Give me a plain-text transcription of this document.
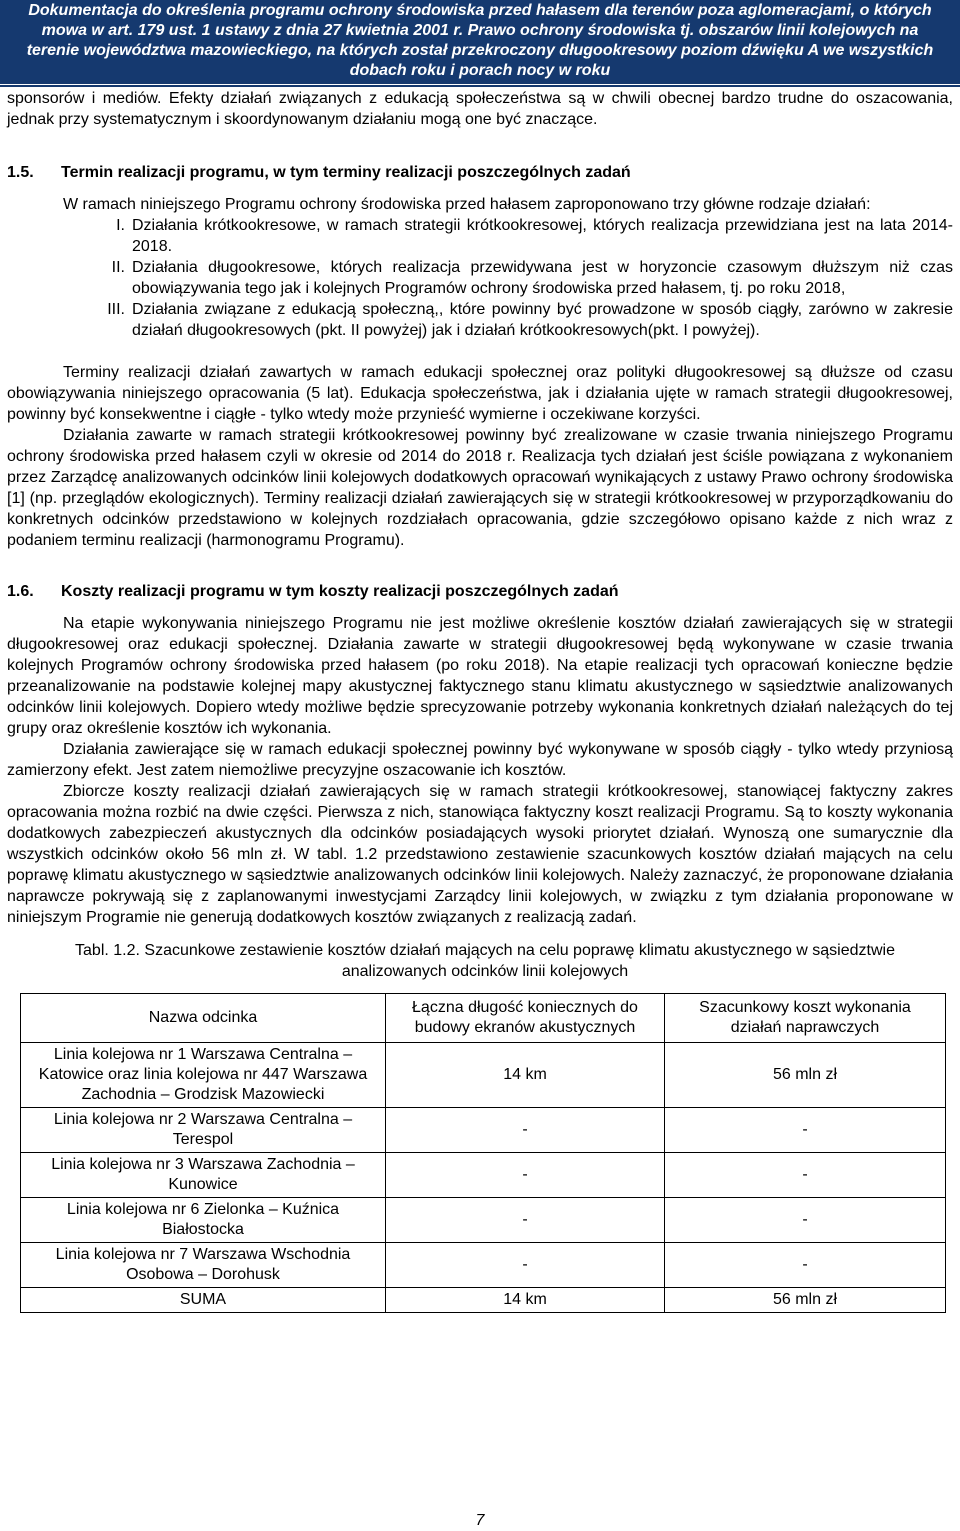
Dokumentacja do określenia programu ochrony środowiska przed hałasem dla terenów poza aglomeracjami, o których
mowa w art. 179 ust. 1 ustawy z dnia 27 kwietnia 2001 r. Prawo ochrony środowiska tj. obszarów linii kolejowych na
terenie województwa mazowieckiego, na których został przekroczony długookresowy poziom dźwięku A we wszystkich
dobach roku i porach nocy w roku

sponsorów i mediów. Efekty działań związanych z edukacją społeczeństwa są w chwili obecnej bardzo trudne do oszacowania, jednak przy systematycznym i skoordynowanym działaniu mogą one być znaczące.

1.5. Termin realizacji programu, w tym terminy realizacji poszczególnych zadań

W ramach niniejszego Programu ochrony środowiska przed hałasem zaproponowano trzy główne rodzaje działań:

I. Działania krótkookresowe, w ramach strategii krótkookresowej, których realizacja przewidziana jest na lata 2014-2018.
II. Działania długookresowe, których realizacja przewidywana jest w horyzoncie czasowym dłuższym niż czas obowiązywania tego jak i kolejnych Programów ochrony środowiska przed hałasem, tj. po roku 2018,
III. Działania związane z edukacją społeczną,, które powinny być prowadzone w sposób ciągły, zarówno w zakresie działań długookresowych (pkt. II powyżej) jak i działań krótkookresowych(pkt. I powyżej).

Terminy realizacji działań zawartych w ramach edukacji społecznej oraz polityki długookresowej są dłuższe od czasu obowiązywania niniejszego opracowania (5 lat). Edukacja społeczeństwa, jak i działania ujęte w ramach strategii długookresowej, powinny być konsekwentne i ciągłe - tylko wtedy może przynieść wymierne i oczekiwane korzyści.

Działania zawarte w ramach strategii krótkookresowej powinny być zrealizowane w czasie trwania niniejszego Programu ochrony środowiska przed hałasem czyli w okresie od 2014 do 2018 r. Realizacja tych działań jest ściśle powiązana z wykonaniem przez Zarządcę analizowanych odcinków linii kolejowych dodatkowych opracowań wynikających z ustawy Prawo ochrony środowiska [1] (np. przeglądów ekologicznych). Terminy realizacji działań zawierających się w strategii krótkookresowej w przyporządkowaniu do konkretnych odcinków przedstawiono w kolejnych rozdziałach opracowania, gdzie szczegółowo opisano każde z nich wraz z podaniem terminu realizacji (harmonogramu Programu).

1.6. Koszty realizacji programu w tym koszty realizacji poszczególnych zadań

Na etapie wykonywania niniejszego Programu nie jest możliwe określenie kosztów działań zawierających się w strategii długookresowej oraz edukacji społecznej. Działania zawarte w strategii długookresowej będą wykonywane w czasie trwania kolejnych Programów ochrony środowiska przed hałasem (po roku 2018). Na etapie realizacji tych opracowań konieczne będzie przeanalizowanie na podstawie kolejnej mapy akustycznej faktycznego stanu klimatu akustycznego w sąsiedztwie analizowanych odcinków linii kolejowych. Dopiero wtedy możliwe będzie sprecyzowanie potrzeby wykonania konkretnych działań należących do tej grupy oraz określenie kosztów ich wykonania.

Działania zawierające się w ramach edukacji społecznej powinny być wykonywane w sposób ciągły - tylko wtedy przyniosą zamierzony efekt. Jest zatem niemożliwe precyzyjne oszacowanie ich kosztów.

Zbiorcze koszty realizacji działań zawierających się w ramach strategii krótkookresowej, stanowiącej faktyczny zakres opracowania można rozbić na dwie części. Pierwsza z nich, stanowiąca faktyczny koszt realizacji Programu. Są to koszty wykonania dodatkowych zabezpieczeń akustycznych dla odcinków posiadających wysoki priorytet działań. Wynoszą one sumarycznie dla wszystkich odcinków około 56 mln zł. W tabl. 1.2 przedstawiono zestawienie szacunkowych kosztów działań mających na celu poprawę klimatu akustycznego w sąsiedztwie analizowanych odcinków linii kolejowych. Należy zaznaczyć, że proponowane działania naprawcze pokrywają się z zaplanowanymi inwestycjami Zarządcy linii kolejowych, w związku z tym działania proponowane w niniejszym Programie nie generują dodatkowych kosztów związanych z realizacją zadań.

Tabl. 1.2. Szacunkowe zestawienie kosztów działań mających na celu poprawę klimatu akustycznego w sąsiedztwie analizowanych odcinków linii kolejowych

Nazwa odcinka	Łączna długość koniecznych do budowy ekranów akustycznych	Szacunkowy koszt wykonania działań naprawczych
Linia kolejowa nr 1 Warszawa Centralna – Katowice oraz linia kolejowa nr 447 Warszawa Zachodnia – Grodzisk Mazowiecki	14 km	56 mln zł
Linia kolejowa nr 2 Warszawa Centralna – Terespol	-	-
Linia kolejowa nr 3 Warszawa Zachodnia – Kunowice	-	-
Linia kolejowa nr 6 Zielonka – Kuźnica Białostocka	-	-
Linia kolejowa nr 7 Warszawa Wschodnia Osobowa – Dorohusk	-	-
SUMA	14 km	56 mln zł
7
